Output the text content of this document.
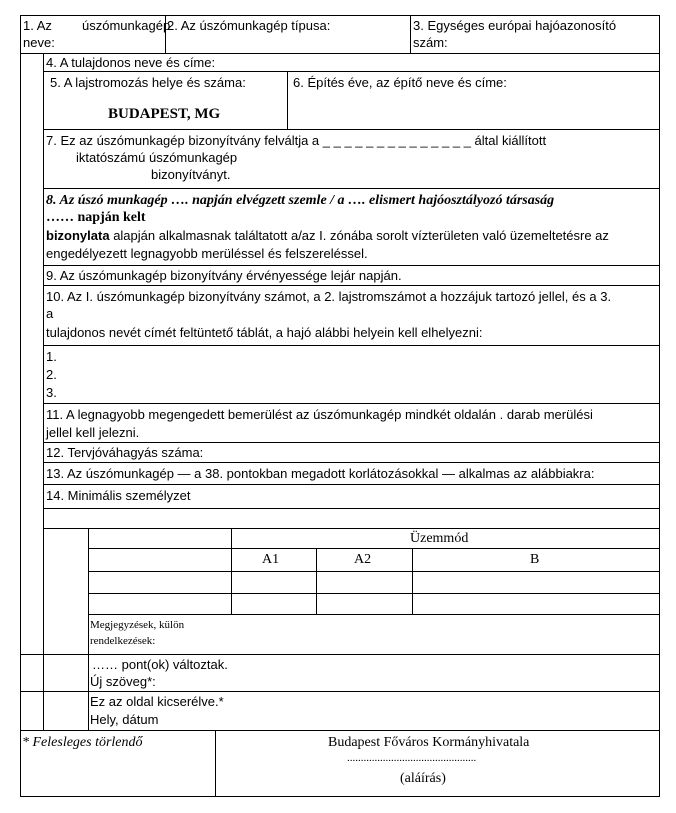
1. Az úszómunkagép
neve:
2. Az úszómunkagép típusa:	3. Egységes európai hajóazonosító
szám:
4. A tulajdonos neve és címe:
5. A lajstromozás helye és száma:
BUDAPEST, MG
6. Építés éve, az építő neve és címe:
7. Ez az úszómunkagép bizonyítvány felváltja a _ _ _ _ _ _ _ _ _ _ _ _ _ _ által kiállított
iktatószámú úszómunkagép
bizonyítványt.
8. Az úszó munkagép …. napján elvégzett szemle / a …. elismert hajóosztályozó társaság
…… napján kelt
bizonylata alapján alkalmasnak találtatott a/az I. zónába sorolt vízterületen való üzemeltetésre az
engedélyezett legnagyobb merüléssel és felszereléssel.
9. Az úszómunkagép bizonyítvány érvényessége lejár napján.
10. Az I. úszómunkagép bizonyítvány számot, a 2. lajstromszámot a hozzájuk tartozó jellel, és a 3.
a
tulajdonos nevét címét feltüntető táblát, a hajó alábbi helyein kell elhelyezni:
1.
2.
3.
11. A legnagyobb megengedett bemerülést az úszómunkagép mindkét oldalán . darab merülési
jellel kell jelezni.
12. Tervjóváhagyás száma:
13. Az úszómunkagép — a 38. pontokban megadott korlátozásokkal — alkalmas az alábbiakra:
14. Minimális személyzet
Üzemmód
A1	A2	B
Megjegyzések, külön
rendelkezések:
…… pont(ok) változtak.
Új szöveg*:
Ez az oldal kicserélve.*
Hely, dátum
* Felesleges törlendő	Budapest Főváros Kormányhivatala
...............................................
(aláírás)
